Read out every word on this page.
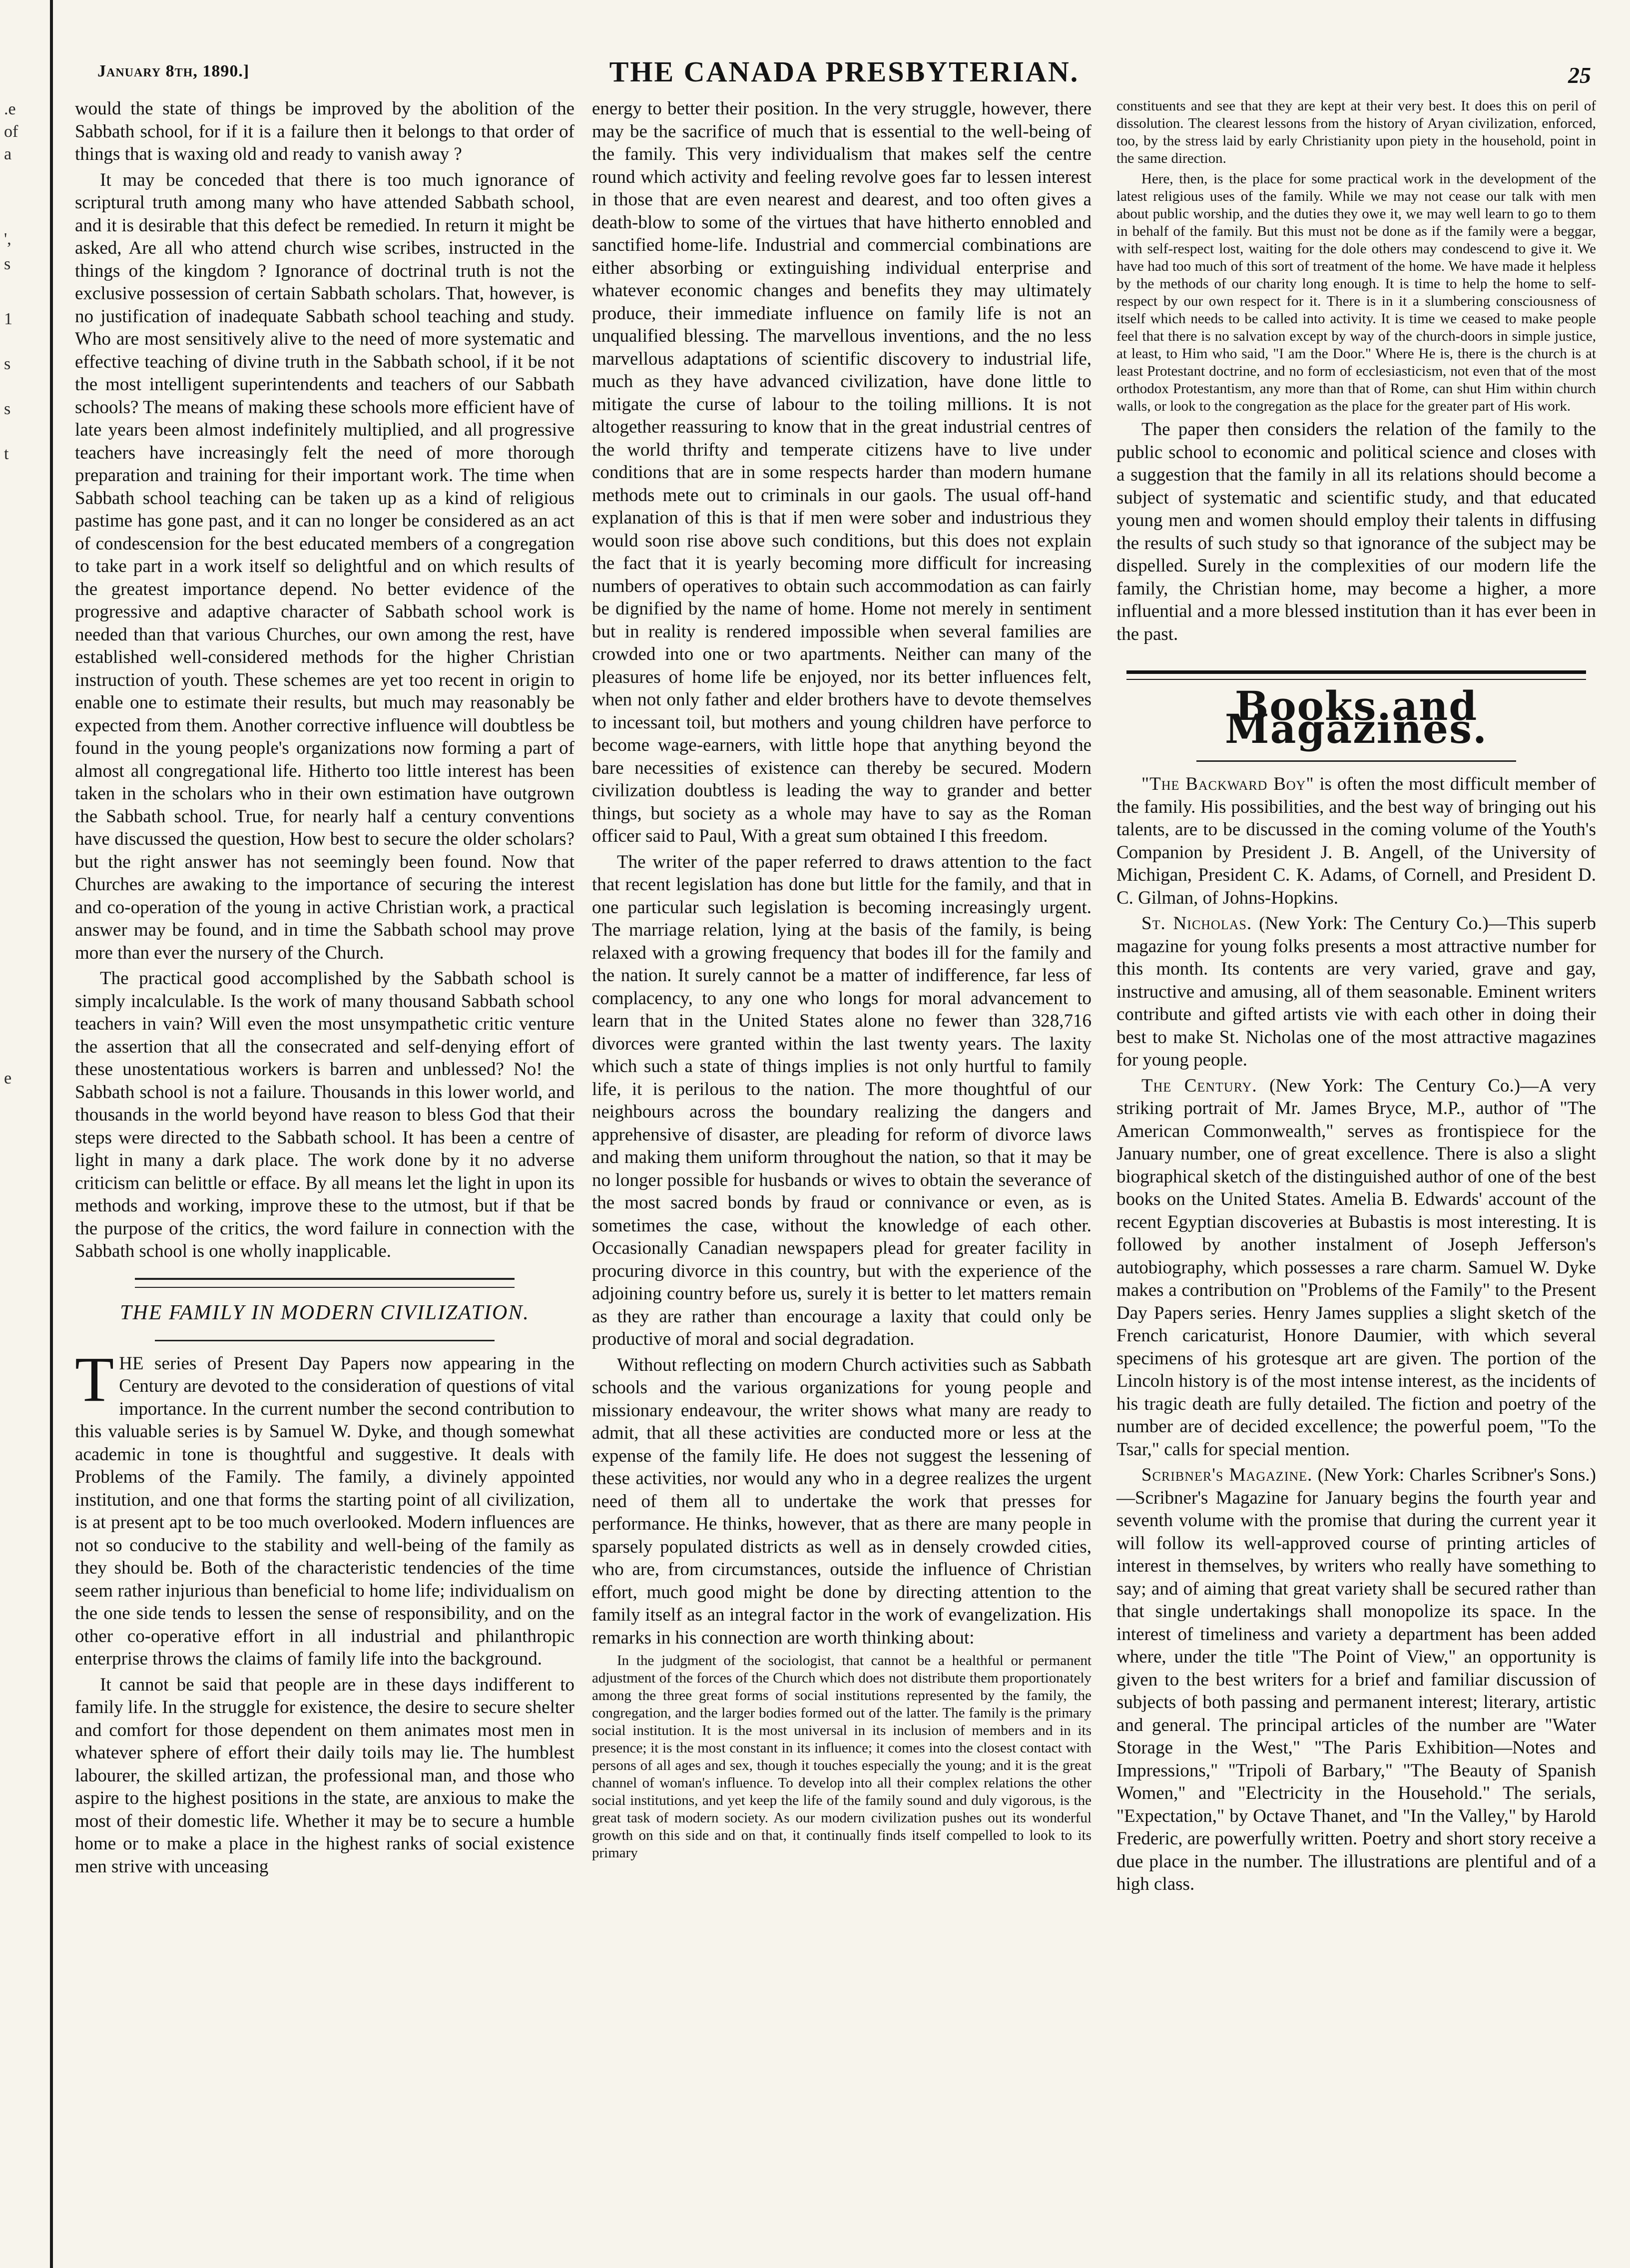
.e
of
a
',
s
1
s
s
t
e
January 8th, 1890.]	THE CANADA PRESBYTERIAN.	25

would the state of things be improved by the abolition of the Sabbath school, for if it is a failure then it belongs to that order of things that is waxing old and ready to vanish away ?

It may be conceded that there is too much ignorance of scriptural truth among many who have attended Sabbath school, and it is desirable that this defect be remedied. In return it might be asked, Are all who attend church wise scribes, instructed in the things of the kingdom ? Ignorance of doctrinal truth is not the exclusive possession of certain Sabbath scholars. That, however, is no justification of inadequate Sabbath school teaching and study. Who are most sensitively alive to the need of more systematic and effective teaching of divine truth in the Sabbath school, if it be not the most intelligent superintendents and teachers of our Sabbath schools? The means of making these schools more efficient have of late years been almost indefinitely multiplied, and all progressive teachers have increasingly felt the need of more thorough preparation and training for their important work. The time when Sabbath school teaching can be taken up as a kind of religious pastime has gone past, and it can no longer be considered as an act of condescension for the best educated members of a congregation to take part in a work itself so delightful and on which results of the greatest importance depend. No better evidence of the progressive and adaptive character of Sabbath school work is needed than that various Churches, our own among the rest, have established well-considered methods for the higher Christian instruction of youth. These schemes are yet too recent in origin to enable one to estimate their results, but much may reasonably be expected from them. Another corrective influence will doubtless be found in the young people's organizations now forming a part of almost all congregational life. Hitherto too little interest has been taken in the scholars who in their own estimation have outgrown the Sabbath school. True, for nearly half a century conventions have discussed the question, How best to secure the older scholars? but the right answer has not seemingly been found. Now that Churches are awaking to the importance of securing the interest and co-operation of the young in active Christian work, a practical answer may be found, and in time the Sabbath school may prove more than ever the nursery of the Church.

The practical good accomplished by the Sabbath school is simply incalculable. Is the work of many thousand Sabbath school teachers in vain? Will even the most unsympathetic critic venture the assertion that all the consecrated and self-denying effort of these unostentatious workers is barren and unblessed? No! the Sabbath school is not a failure. Thousands in this lower world, and thousands in the world beyond have reason to bless God that their steps were directed to the Sabbath school. It has been a centre of light in many a dark place. The work done by it no adverse criticism can belittle or efface. By all means let the light in upon its methods and working, improve these to the utmost, but if that be the purpose of the critics, the word failure in connection with the Sabbath school is one wholly inapplicable.

THE FAMILY IN MODERN CIVILIZATION.

THE series of Present Day Papers now appearing in the Century are devoted to the consideration of questions of vital importance. In the current number the second contribution to this valuable series is by Samuel W. Dyke, and though somewhat academic in tone is thoughtful and suggestive. It deals with Problems of the Family. The family, a divinely appointed institution, and one that forms the starting point of all civilization, is at present apt to be too much overlooked. Modern influences are not so conducive to the stability and well-being of the family as they should be. Both of the characteristic tendencies of the time seem rather injurious than beneficial to home life; individualism on the one side tends to lessen the sense of responsibility, and on the other co-operative effort in all industrial and philanthropic enterprise throws the claims of family life into the background.

It cannot be said that people are in these days indifferent to family life. In the struggle for existence, the desire to secure shelter and comfort for those dependent on them animates most men in whatever sphere of effort their daily toils may lie. The humblest labourer, the skilled artizan, the professional man, and those who aspire to the highest positions in the state, are anxious to make the most of their domestic life. Whether it may be to secure a humble home or to make a place in the highest ranks of social existence men strive with unceasing

energy to better their position. In the very struggle, however, there may be the sacrifice of much that is essential to the well-being of the family. This very individualism that makes self the centre round which activity and feeling revolve goes far to lessen interest in those that are even nearest and dearest, and too often gives a death-blow to some of the virtues that have hitherto ennobled and sanctified home-life. Industrial and commercial combinations are either absorbing or extinguishing individual enterprise and whatever economic changes and benefits they may ultimately produce, their immediate influence on family life is not an unqualified blessing. The marvellous inventions, and the no less marvellous adaptations of scientific discovery to industrial life, much as they have advanced civilization, have done little to mitigate the curse of labour to the toiling millions. It is not altogether reassuring to know that in the great industrial centres of the world thrifty and temperate citizens have to live under conditions that are in some respects harder than modern humane methods mete out to criminals in our gaols. The usual off-hand explanation of this is that if men were sober and industrious they would soon rise above such conditions, but this does not explain the fact that it is yearly becoming more difficult for increasing numbers of operatives to obtain such accommodation as can fairly be dignified by the name of home. Home not merely in sentiment but in reality is rendered impossible when several families are crowded into one or two apartments. Neither can many of the pleasures of home life be enjoyed, nor its better influences felt, when not only father and elder brothers have to devote themselves to incessant toil, but mothers and young children have perforce to become wage-earners, with little hope that anything beyond the bare necessities of existence can thereby be secured. Modern civilization doubtless is leading the way to grander and better things, but society as a whole may have to say as the Roman officer said to Paul, With a great sum obtained I this freedom.

The writer of the paper referred to draws attention to the fact that recent legislation has done but little for the family, and that in one particular such legislation is becoming increasingly urgent. The marriage relation, lying at the basis of the family, is being relaxed with a growing frequency that bodes ill for the family and the nation. It surely cannot be a matter of indifference, far less of complacency, to any one who longs for moral advancement to learn that in the United States alone no fewer than 328,716 divorces were granted within the last twenty years. The laxity which such a state of things implies is not only hurtful to family life, it is perilous to the nation. The more thoughtful of our neighbours across the boundary realizing the dangers and apprehensive of disaster, are pleading for reform of divorce laws and making them uniform throughout the nation, so that it may be no longer possible for husbands or wives to obtain the severance of the most sacred bonds by fraud or connivance or even, as is sometimes the case, without the knowledge of each other. Occasionally Canadian newspapers plead for greater facility in procuring divorce in this country, but with the experience of the adjoining country before us, surely it is better to let matters remain as they are rather than encourage a laxity that could only be productive of moral and social degradation.

Without reflecting on modern Church activities such as Sabbath schools and the various organizations for young people and missionary endeavour, the writer shows what many are ready to admit, that all these activities are conducted more or less at the expense of the family life. He does not suggest the lessening of these activities, nor would any who in a degree realizes the urgent need of them all to undertake the work that presses for performance. He thinks, however, that as there are many people in sparsely populated districts as well as in densely crowded cities, who are, from circumstances, outside the influence of Christian effort, much good might be done by directing attention to the family itself as an integral factor in the work of evangelization. His remarks in his connection are worth thinking about:

In the judgment of the sociologist, that cannot be a healthful or permanent adjustment of the forces of the Church which does not distribute them proportionately among the three great forms of social institutions represented by the family, the congregation, and the larger bodies formed out of the latter. The family is the primary social institution. It is the most universal in its inclusion of members and in its presence; it is the most constant in its influence; it comes into the closest contact with persons of all ages and sex, though it touches especially the young; and it is the great channel of woman's influence. To develop into all their complex relations the other social institutions, and yet keep the life of the family sound and duly vigorous, is the great task of modern society. As our modern civilization pushes out its wonderful growth on this side and on that, it continually finds itself compelled to look to its primary

constituents and see that they are kept at their very best. It does this on peril of dissolution. The clearest lessons from the history of Aryan civilization, enforced, too, by the stress laid by early Christianity upon piety in the household, point in the same direction.

Here, then, is the place for some practical work in the development of the latest religious uses of the family. While we may not cease our talk with men about public worship, and the duties they owe it, we may well learn to go to them in behalf of the family. But this must not be done as if the family were a beggar, with self-respect lost, waiting for the dole others may condescend to give it. We have had too much of this sort of treatment of the home. We have made it helpless by the methods of our charity long enough. It is time to help the home to self-respect by our own respect for it. There is in it a slumbering consciousness of itself which needs to be called into activity. It is time we ceased to make people feel that there is no salvation except by way of the church-doors in simple justice, at least, to Him who said, "I am the Door." Where He is, there is the church is at least Protestant doctrine, and no form of ecclesiasticism, not even that of the most orthodox Protestantism, any more than that of Rome, can shut Him within church walls, or look to the congregation as the place for the greater part of His work.

The paper then considers the relation of the family to the public school to economic and political science and closes with a suggestion that the family in all its relations should become a subject of systematic and scientific study, and that educated young men and women should employ their talents in diffusing the results of such study so that ignorance of the subject may be dispelled. Surely in the complexities of our modern life the family, the Christian home, may become a higher, a more influential and a more blessed institution than it has ever been in the past.

Books and Magazines.

"The Backward Boy" is often the most difficult member of the family. His possibilities, and the best way of bringing out his talents, are to be discussed in the coming volume of the Youth's Companion by President J. B. Angell, of the University of Michigan, President C. K. Adams, of Cornell, and President D. C. Gilman, of Johns-Hopkins.

St. Nicholas. (New York: The Century Co.)—This superb magazine for young folks presents a most attractive number for this month. Its contents are very varied, grave and gay, instructive and amusing, all of them seasonable. Eminent writers contribute and gifted artists vie with each other in doing their best to make St. Nicholas one of the most attractive magazines for young people.

The Century. (New York: The Century Co.)—A very striking portrait of Mr. James Bryce, M.P., author of "The American Commonwealth," serves as frontispiece for the January number, one of great excellence. There is also a slight biographical sketch of the distinguished author of one of the best books on the United States. Amelia B. Edwards' account of the recent Egyptian discoveries at Bubastis is most interesting. It is followed by another instalment of Joseph Jefferson's autobiography, which possesses a rare charm. Samuel W. Dyke makes a contribution on "Problems of the Family" to the Present Day Papers series. Henry James supplies a slight sketch of the French caricaturist, Honore Daumier, with which several specimens of his grotesque art are given. The portion of the Lincoln history is of the most intense interest, as the incidents of his tragic death are fully detailed. The fiction and poetry of the number are of decided excellence; the powerful poem, "To the Tsar," calls for special mention.

Scribner's Magazine. (New York: Charles Scribner's Sons.)—Scribner's Magazine for January begins the fourth year and seventh volume with the promise that during the current year it will follow its well-approved course of printing articles of interest in themselves, by writers who really have something to say; and of aiming that great variety shall be secured rather than that single undertakings shall monopolize its space. In the interest of timeliness and variety a department has been added where, under the title "The Point of View," an opportunity is given to the best writers for a brief and familiar discussion of subjects of both passing and permanent interest; literary, artistic and general. The principal articles of the number are "Water Storage in the West," "The Paris Exhibition—Notes and Impressions," "Tripoli of Barbary," "The Beauty of Spanish Women," and "Electricity in the Household." The serials, "Expectation," by Octave Thanet, and "In the Valley," by Harold Frederic, are powerfully written. Poetry and short story receive a due place in the number. The illustrations are plentiful and of a high class.
